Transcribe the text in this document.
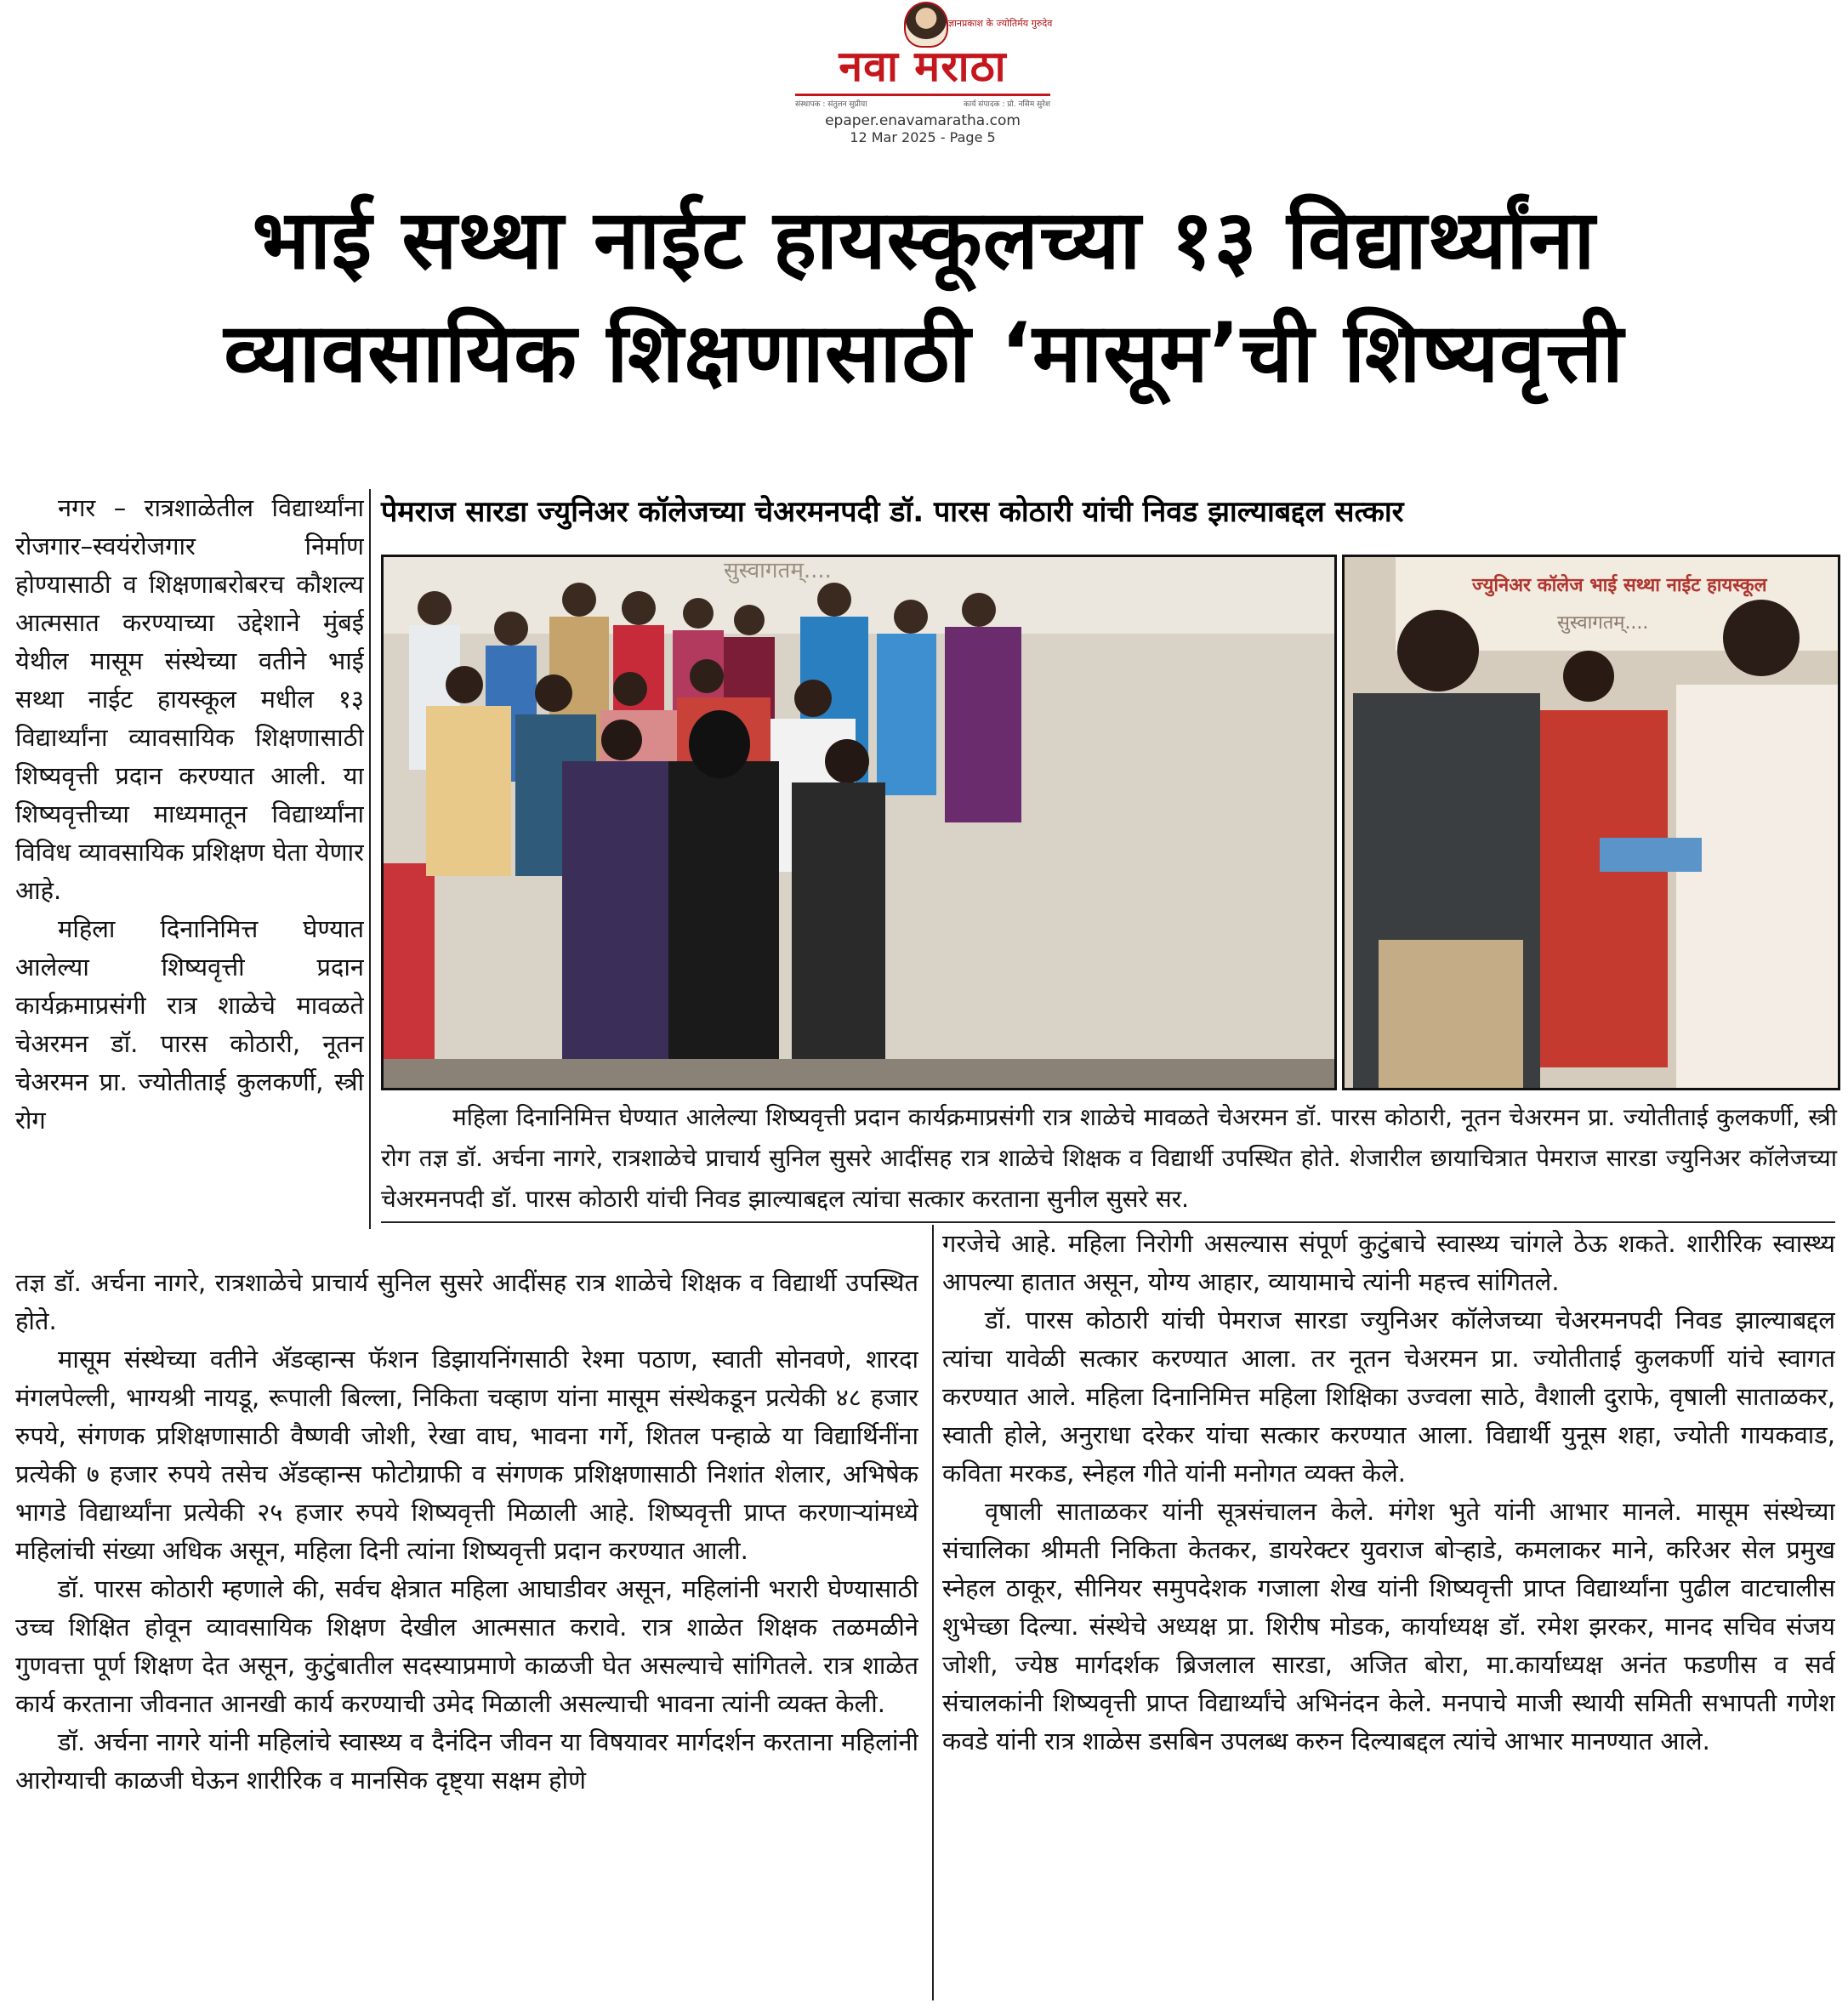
ज्ञानप्रकाश के ज्योतिर्मय गुरुदेव
नवा मराठा
संस्थापक : संतुलन सुप्रीया	कार्य संपादक : प्रो. नसिम सुरेश
epaper.enavamaratha.com
12 Mar 2025 - Page 5
भाई सथ्था नाईट हायस्कूलच्या १३ विद्यार्थ्यांना
व्यावसायिक शिक्षणासाठी ‘मासूम’ची शिष्यवृत्ती

नगर – रात्रशाळेतील विद्यार्थ्यांना रोजगार–स्वयंरोजगार निर्माण होण्यासाठी व शिक्षणाबरोबरच कौशल्य आत्मसात करण्याच्या उद्देशाने मुंबई येथील मासूम संस्थेच्या वतीने भाई सथ्था नाईट हायस्कूल मधील १३ विद्यार्थ्यांना व्यावसायिक शिक्षणासाठी शिष्यवृत्ती प्रदान करण्यात आली. या शिष्यवृत्तीच्या माध्यमातून विद्यार्थ्यांना विविध व्यावसायिक प्रशिक्षण घेता येणार आहे.

महिला दिनानिमित्त घेण्यात आलेल्या शिष्यवृत्ती प्रदान कार्यक्रमाप्रसंगी रात्र शाळेचे मावळते चेअरमन डॉ. पारस कोठारी, नूतन चेअरमन प्रा. ज्योतीताई कुलकर्णी, स्त्री रोग

पेमराज सारडा ज्युनिअर कॉलेजच्या चेअरमनपदी डॉ. पारस कोठारी यांची निवड झाल्याबद्दल सत्कार
सुस्वागतम्....
ज्युनिअर कॉलेज भाई सथ्था नाईट हायस्कूल
सुस्वागतम्....

महिला दिनानिमित्त घेण्यात आलेल्या शिष्यवृत्ती प्रदान कार्यक्रमाप्रसंगी रात्र शाळेचे मावळते चेअरमन डॉ. पारस कोठारी, नूतन चेअरमन प्रा. ज्योतीताई कुलकर्णी, स्त्री रोग तज्ञ डॉ. अर्चना नागरे, रात्रशाळेचे प्राचार्य सुनिल सुसरे आदींसह रात्र शाळेचे शिक्षक व विद्यार्थी उपस्थित होते. शेजारील छायाचित्रात पेमराज सारडा ज्युनिअर कॉलेजच्या चेअरमनपदी डॉ. पारस कोठारी यांची निवड झाल्याबद्दल त्यांचा सत्कार करताना सुनील सुसरे सर.

तज्ञ डॉ. अर्चना नागरे, रात्रशाळेचे प्राचार्य सुनिल सुसरे आदींसह रात्र शाळेचे शिक्षक व विद्यार्थी उपस्थित होते.

मासूम संस्थेच्या वतीने अ‍ॅडव्हान्स फॅशन डिझायनिंगसाठी रेश्मा पठाण, स्वाती सोनवणे, शारदा मंगलपेल्ली, भाग्यश्री नायडू, रूपाली बिल्ला, निकिता चव्हाण यांना मासूम संस्थेकडून प्रत्येकी ४८ हजार रुपये, संगणक प्रशिक्षणासाठी वैष्णवी जोशी, रेखा वाघ, भावना गर्गे, शितल पन्हाळे या विद्यार्थिनींना प्रत्येकी ७ हजार रुपये तसेच अ‍ॅडव्हान्स फोटोग्राफी व संगणक प्रशिक्षणासाठी निशांत शेलार, अभिषेक भागडे विद्यार्थ्यांना प्रत्येकी २५ हजार रुपये शिष्यवृत्ती मिळाली आहे. शिष्यवृत्ती प्राप्त करणाऱ्यांमध्ये महिलांची संख्या अधिक असून, महिला दिनी त्यांना शिष्यवृत्ती प्रदान करण्यात आली.

डॉ. पारस कोठारी म्हणाले की, सर्वच क्षेत्रात महिला आघाडीवर असून, महिलांनी भरारी घेण्यासाठी उच्च शिक्षित होवून व्यावसायिक शिक्षण देखील आत्मसात करावे. रात्र शाळेत शिक्षक तळमळीने गुणवत्ता पूर्ण शिक्षण देत असून, कुटुंबातील सदस्याप्रमाणे काळजी घेत असल्याचे सांगितले. रात्र शाळेत कार्य करताना जीवनात आनखी कार्य करण्याची उमेद मिळाली असल्याची भावना त्यांनी व्यक्त केली.

डॉ. अर्चना नागरे यांनी महिलांचे स्वास्थ्य व दैनंदिन जीवन या विषयावर मार्गदर्शन करताना महिलांनी आरोग्याची काळजी घेऊन शारीरिक व मानसिक दृष्ट्या सक्षम होणे

गरजेचे आहे. महिला निरोगी असल्यास संपूर्ण कुटुंबाचे स्वास्थ्य चांगले ठेऊ शकते. शारीरिक स्वास्थ्य आपल्या हातात असून, योग्य आहार, व्यायामाचे त्यांनी महत्त्व सांगितले.

डॉ. पारस कोठारी यांची पेमराज सारडा ज्युनिअर कॉलेजच्या चेअरमनपदी निवड झाल्याबद्दल त्यांचा यावेळी सत्कार करण्यात आला. तर नूतन चेअरमन प्रा. ज्योतीताई कुलकर्णी यांचे स्वागत करण्यात आले. महिला दिनानिमित्त महिला शिक्षिका उज्वला साठे, वैशाली दुराफे, वृषाली साताळकर, स्वाती होले, अनुराधा दरेकर यांचा सत्कार करण्यात आला. विद्यार्थी युनूस शहा, ज्योती गायकवाड, कविता मरकड, स्नेहल गीते यांनी मनोगत व्यक्त केले.

वृषाली साताळकर यांनी सूत्रसंचालन केले. मंगेश भुते यांनी आभार मानले. मासूम संस्थेच्या संचालिका श्रीमती निकिता केतकर, डायरेक्टर युवराज बोऱ्हाडे, कमलाकर माने, करिअर सेल प्रमुख स्नेहल ठाकूर, सीनियर समुपदेशक गजाला शेख यांनी शिष्यवृत्ती प्राप्त विद्यार्थ्यांना पुढील वाटचालीस शुभेच्छा दिल्या. संस्थेचे अध्यक्ष प्रा. शिरीष मोडक, कार्याध्यक्ष डॉ. रमेश झरकर, मानद सचिव संजय जोशी, ज्येष्ठ मार्गदर्शक ब्रिजलाल सारडा, अजित बोरा, मा.कार्याध्यक्ष अनंत फडणीस व सर्व संचालकांनी शिष्यवृत्ती प्राप्त विद्यार्थ्यांचे अभिनंदन केले. मनपाचे माजी स्थायी समिती सभापती गणेश कवडे यांनी रात्र शाळेस डसबिन उपलब्ध करुन दिल्याबद्दल त्यांचे आभार मानण्यात आले.
